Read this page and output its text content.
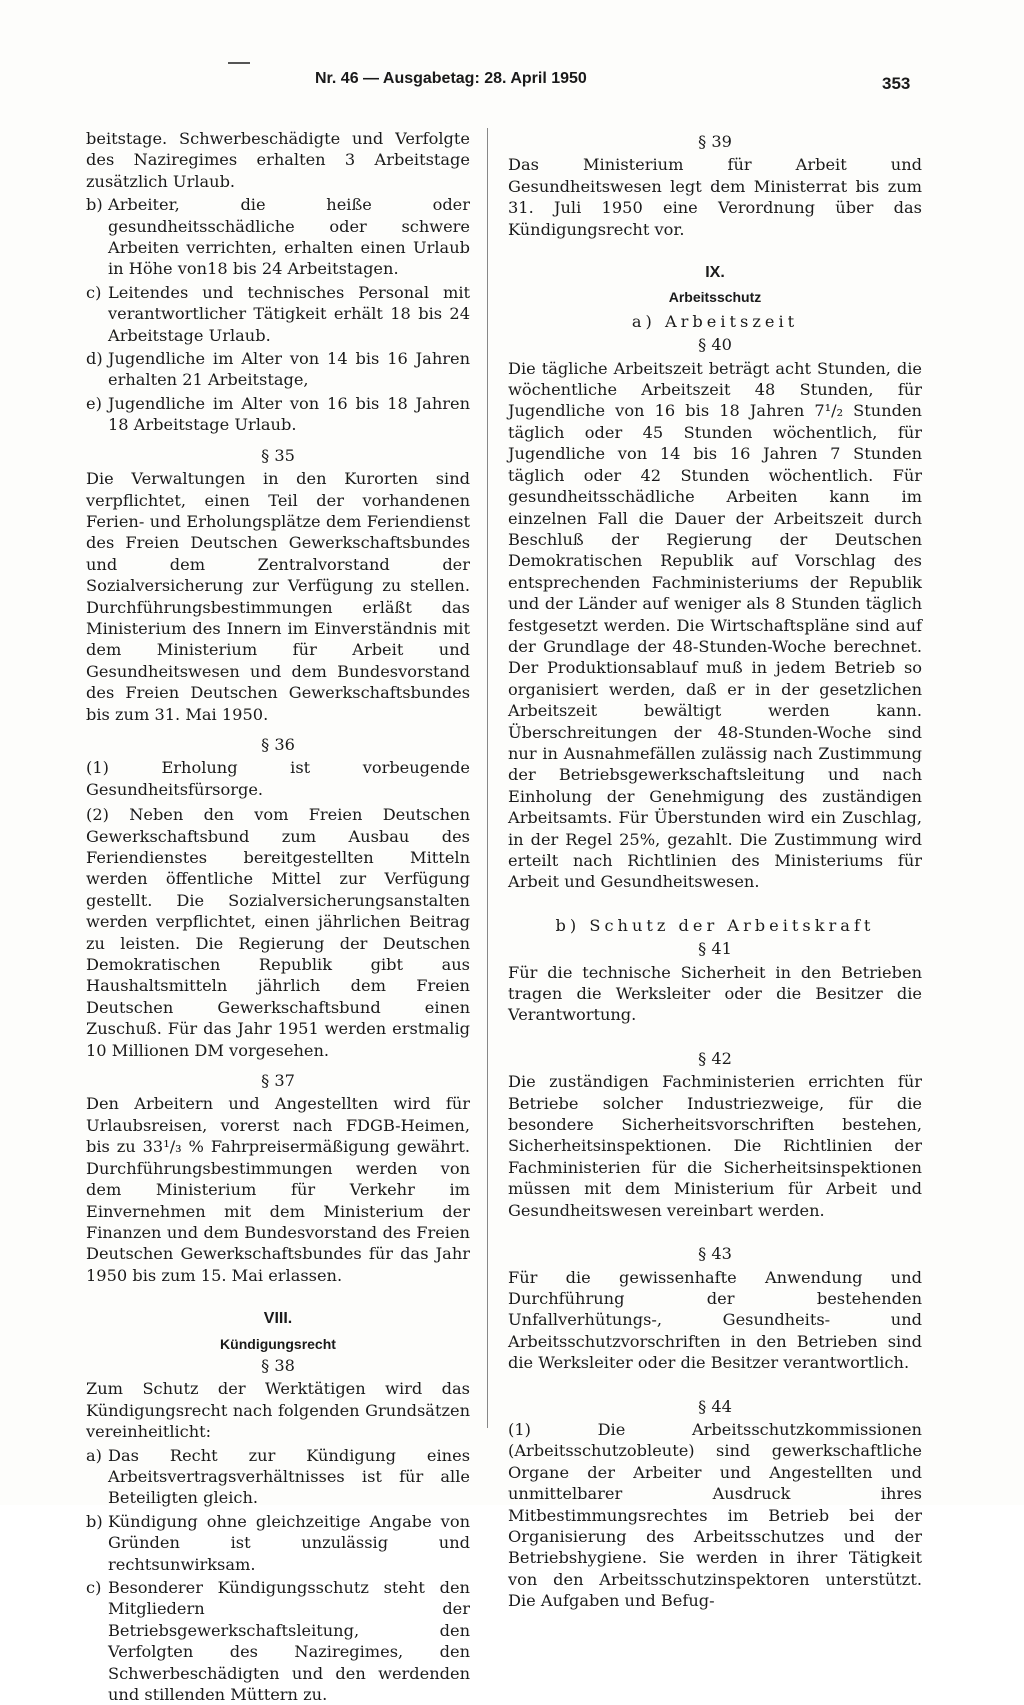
Nr. 46 — Ausgabetag: 28. April 1950	353

beitstage. Schwerbeschädigte und Verfolgte des Naziregimes erhalten 3 Arbeitstage zusätzlich Urlaub.

b) Arbeiter, die heiße oder gesundheitsschädliche oder schwere Arbeiten verrichten, erhalten einen Urlaub in Höhe von18 bis 24 Arbeitstagen.
c) Leitendes und technisches Personal mit verantwortlicher Tätigkeit erhält 18 bis 24 Arbeitstage Urlaub.
d) Jugendliche im Alter von 14 bis 16 Jahren erhalten 21 Arbeitstage,
e) Jugendliche im Alter von 16 bis 18 Jahren 18 Arbeitstage Urlaub.
§ 35

Die Verwaltungen in den Kurorten sind verpflichtet, einen Teil der vorhandenen Ferien- und Erholungsplätze dem Feriendienst des Freien Deutschen Gewerkschaftsbundes und dem Zentralvorstand der Sozialversicherung zur Verfügung zu stellen. Durchführungsbestimmungen erläßt das Ministerium des Innern im Einverständnis mit dem Ministerium für Arbeit und Gesundheitswesen und dem Bundesvorstand des Freien Deutschen Gewerkschaftsbundes bis zum 31. Mai 1950.

§ 36

(1) Erholung ist vorbeugende Gesundheitsfürsorge.

(2) Neben den vom Freien Deutschen Gewerkschaftsbund zum Ausbau des Feriendienstes bereitgestellten Mitteln werden öffentliche Mittel zur Verfügung gestellt. Die Sozialversicherungsanstalten werden verpflichtet, einen jährlichen Beitrag zu leisten. Die Regierung der Deutschen Demokratischen Republik gibt aus Haushaltsmitteln jährlich dem Freien Deutschen Gewerkschaftsbund einen Zuschuß. Für das Jahr 1951 werden erstmalig 10 Millionen DM vorgesehen.

§ 37

Den Arbeitern und Angestellten wird für Urlaubsreisen, vorerst nach FDGB-Heimen, bis zu 33¹/₃ % Fahrpreisermäßigung gewährt. Durchführungsbestimmungen werden von dem Ministerium für Verkehr im Einvernehmen mit dem Ministerium der Finanzen und dem Bundesvorstand des Freien Deutschen Gewerkschaftsbundes für das Jahr 1950 bis zum 15. Mai erlassen.

VIII.
Kündigungsrecht
§ 38

Zum Schutz der Werktätigen wird das Kündigungsrecht nach folgenden Grundsätzen vereinheitlicht:

a) Das Recht zur Kündigung eines Arbeitsvertragsverhältnisses ist für alle Beteiligten gleich.
b) Kündigung ohne gleichzeitige Angabe von Gründen ist unzulässig und rechtsunwirksam.
c) Besonderer Kündigungsschutz steht den Mitgliedern der Betriebsgewerkschaftsleitung, den Verfolgten des Naziregimes, den Schwerbeschädigten und den werdenden und stillenden Müttern zu.
§ 39

Das Ministerium für Arbeit und Gesundheitswesen legt dem Ministerrat bis zum 31. Juli 1950 eine Verordnung über das Kündigungsrecht vor.

IX.
Arbeitsschutz
a) Arbeitszeit
§ 40

Die tägliche Arbeitszeit beträgt acht Stunden, die wöchentliche Arbeitszeit 48 Stunden, für Jugendliche von 16 bis 18 Jahren 7¹/₂ Stunden täglich oder 45 Stunden wöchentlich, für Jugendliche von 14 bis 16 Jahren 7 Stunden täglich oder 42 Stunden wöchentlich. Für gesundheitsschädliche Arbeiten kann im einzelnen Fall die Dauer der Arbeitszeit durch Beschluß der Regierung der Deutschen Demokratischen Republik auf Vorschlag des entsprechenden Fachministeriums der Republik und der Länder auf weniger als 8 Stunden täglich festgesetzt werden. Die Wirtschaftspläne sind auf der Grundlage der 48-Stunden-Woche berechnet. Der Produktionsablauf muß in jedem Betrieb so organisiert werden, daß er in der gesetzlichen Arbeitszeit bewältigt werden kann. Überschreitungen der 48-Stunden-Woche sind nur in Ausnahmefällen zulässig nach Zustimmung der Betriebsgewerkschaftsleitung und nach Einholung der Genehmigung des zuständigen Arbeitsamts. Für Überstunden wird ein Zuschlag, in der Regel 25%, gezahlt. Die Zustimmung wird erteilt nach Richtlinien des Ministeriums für Arbeit und Gesundheitswesen.

b) Schutz der Arbeitskraft
§ 41

Für die technische Sicherheit in den Betrieben tragen die Werksleiter oder die Besitzer die Verantwortung.

§ 42

Die zuständigen Fachministerien errichten für Betriebe solcher Industriezweige, für die besondere Sicherheitsvorschriften bestehen, Sicherheitsinspektionen. Die Richtlinien der Fachministerien für die Sicherheitsinspektionen müssen mit dem Ministerium für Arbeit und Gesundheitswesen vereinbart werden.

§ 43

Für die gewissenhafte Anwendung und Durchführung der bestehenden Unfallverhütungs-, Gesundheits- und Arbeitsschutzvorschriften in den Betrieben sind die Werksleiter oder die Besitzer verantwortlich.

§ 44

(1) Die Arbeitsschutzkommissionen (Arbeitsschutzobleute) sind gewerkschaftliche Organe der Arbeiter und Angestellten und unmittelbarer Ausdruck ihres Mitbestimmungsrechtes im Betrieb bei der Organisierung des Arbeitsschutzes und der Betriebshygiene. Sie werden in ihrer Tätigkeit von den Arbeitsschutzinspektoren unterstützt. Die Aufgaben und Befug-
